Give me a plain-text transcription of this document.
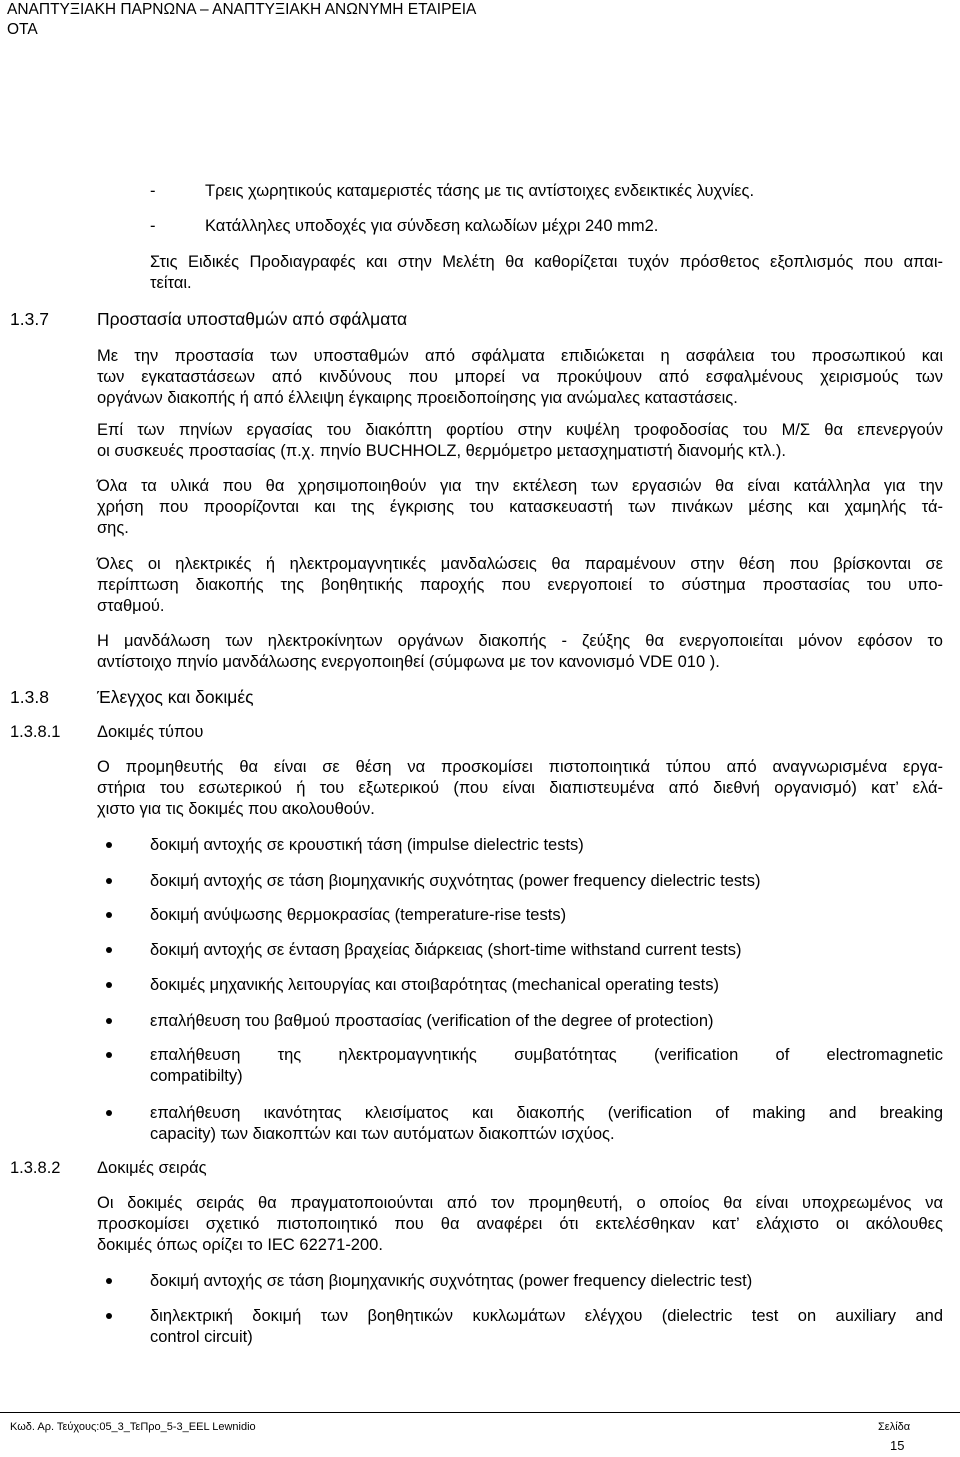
ΑΝΑΠΤΥΞΙΑΚΗ ΠΑΡΝΩΝΑ – ΑΝΑΠΤΥΞΙΑΚΗ ΑΝΩΝΥΜΗ ΕΤΑΙΡΕΙΑ
ΟΤΑ
-	Τρεις χωρητικούς καταμεριστές τάσης με τις αντίστοιχες ενδεικτικές λυχνίες.
-	Κατάλληλες υποδοχές για σύνδεση καλωδίων μέχρι 240 mm2.
Στις Ειδικές Προδιαγραφές και στην Μελέτη θα καθορίζεται τυχόν πρόσθετος εξοπλισμός που απαι-
τείται.
1.3.7	Προστασία υποσταθμών από σφάλματα
Με την προστασία των υποσταθμών από σφάλματα επιδιώκεται η ασφάλεια του προσωπικού και
των εγκαταστάσεων από κινδύνους που μπορεί να προκύψουν από εσφαλμένους χειρισμούς των
οργάνων διακοπής ή από έλλειψη έγκαιρης προειδοποίησης για ανώμαλες καταστάσεις.
Επί των πηνίων εργασίας του διακόπτη φορτίου στην κυψέλη τροφοδοσίας του Μ/Σ θα επενεργούν
οι συσκευές προστασίας (π.χ. πηνίο BUCHHOLZ, θερμόμετρο μετασχηματιστή διανομής κτλ.).
Όλα τα υλικά που θα χρησιμοποιηθούν για την εκτέλεση των εργασιών θα είναι κατάλληλα για την
χρήση που προορίζονται και της έγκρισης του κατασκευαστή των πινάκων μέσης και χαμηλής τά-
σης.
Όλες οι ηλεκτρικές ή ηλεκτρομαγνητικές μανδαλώσεις θα παραμένουν στην θέση που βρίσκονται σε
περίπτωση διακοπής της βοηθητικής παροχής που ενεργοποιεί το σύστημα προστασίας του υπο-
σταθμού.
Η μανδάλωση των ηλεκτροκίνητων οργάνων διακοπής - ζεύξης θα ενεργοποιείται μόνον εφόσον το
αντίστοιχο πηνίο μανδάλωσης ενεργοποιηθεί (σύμφωνα με τον κανονισμό VDE 010 ).
1.3.8	Έλεγχος και δοκιμές
1.3.8.1 Δοκιμές τύπου
Ο προμηθευτής θα είναι σε θέση να προσκομίσει πιστοποιητικά τύπου από αναγνωρισμένα εργα-
στήρια του εσωτερικού ή του εξωτερικού (που είναι διαπιστευμένα από διεθνή οργανισμό) κατ’ ελά-
χιστο για τις δοκιμές που ακολουθούν.
δοκιμή αντοχής σε κρουστική τάση (impulse dielectric tests)
δοκιμή αντοχής σε τάση βιομηχανικής συχνότητας (power frequency dielectric tests)
δοκιμή ανύψωσης θερμοκρασίας (temperature-rise tests)
δοκιμή αντοχής σε ένταση βραχείας διάρκειας (short-time withstand current tests)
δοκιμές μηχανικής λειτουργίας και στοιβαρότητας (mechanical operating tests)
επαλήθευση του βαθμού προστασίας (verification of the degree of protection)
επαλήθευση της ηλεκτρομαγνητικής συμβατότητας (verification of electromagnetic
compatibilty)
επαλήθευση ικανότητας κλεισίματος και διακοπής (verification of making and breaking
capacity) των διακοπτών και των αυτόματων διακοπτών ισχύος.
1.3.8.2 Δοκιμές σειράς
Οι δοκιμές σειράς θα πραγματοποιούνται από τον προμηθευτή, ο οποίος θα είναι υποχρεωμένος να
προσκομίσει σχετικό πιστοποιητικό που θα αναφέρει ότι εκτελέσθηκαν κατ’ ελάχιστο οι ακόλουθες
δοκιμές όπως ορίζει το IEC 62271-200.
δοκιμή αντοχής σε τάση βιομηχανικής συχνότητας (power frequency dielectric test)
διηλεκτρική δοκιμή των βοηθητικών κυκλωμάτων ελέγχου (dielectric test on auxiliary and
control circuit)
Κωδ. Αρ. Τεύχους:05_3_ΤεΠρο_5-3_EEL Lewnidio	Σελίδα
15
